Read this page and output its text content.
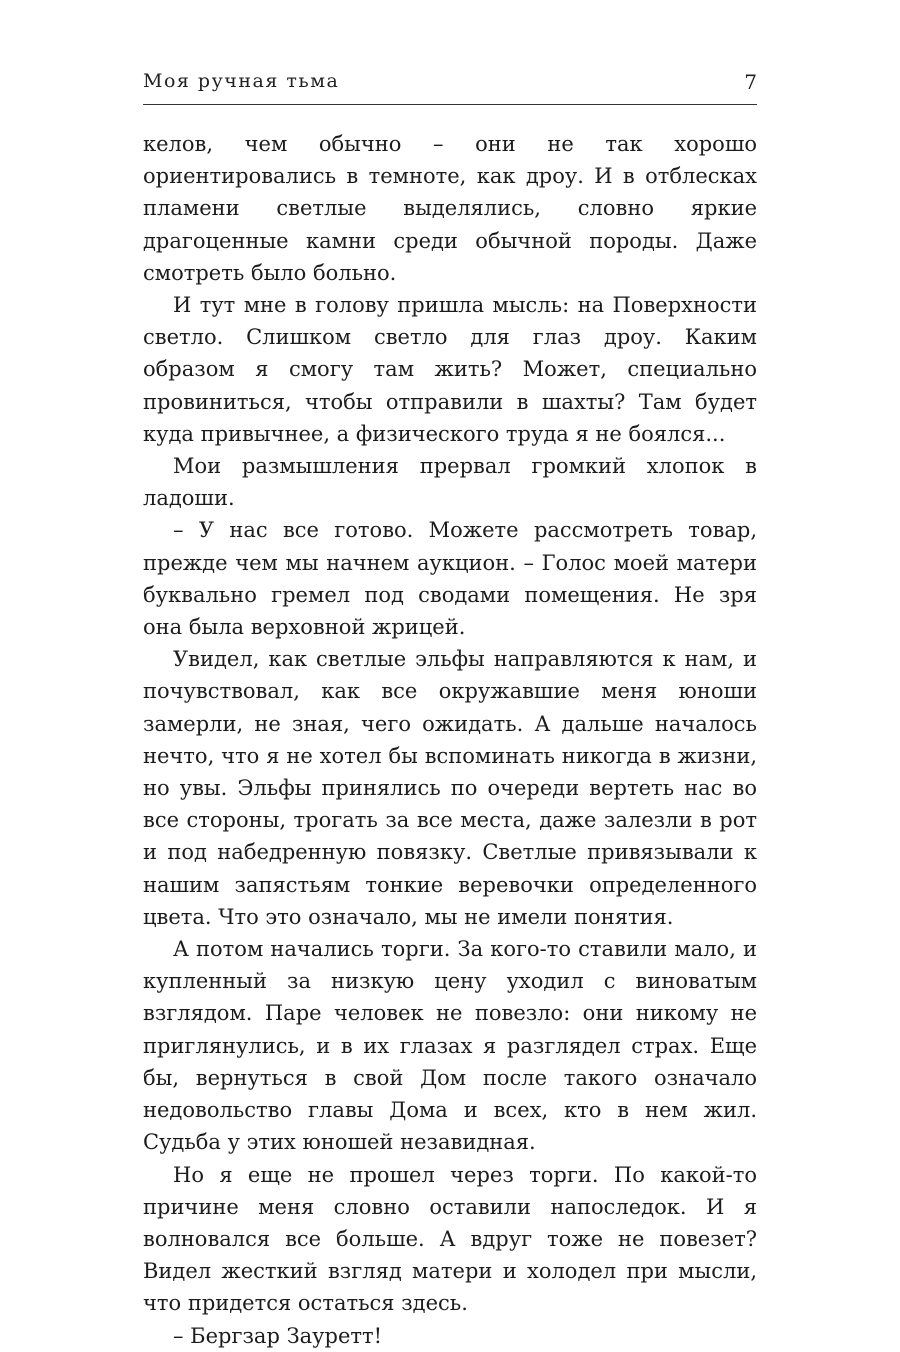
Моя ручная тьма	7

келов, чем обычно – они не так хорошо ориентировались в темноте, как дроу. И в отблесках пламени светлые выделялись, словно яркие драгоценные камни среди обычной породы. Даже смотреть было больно.

И тут мне в голову пришла мысль: на Поверхности светло. Слишком светло для глаз дроу. Каким образом я смогу там жить? Может, специально провиниться, чтобы отправили в шахты? Там будет куда привычнее, а физического труда я не боялся...

Мои размышления прервал громкий хлопок в ладоши.

– У нас все готово. Можете рассмотреть товар, прежде чем мы начнем аукцион. – Голос моей матери буквально гремел под сводами помещения. Не зря она была верховной жрицей.

Увидел, как светлые эльфы направляются к нам, и почувствовал, как все окружавшие меня юноши замерли, не зная, чего ожидать. А дальше началось нечто, что я не хотел бы вспоминать никогда в жизни, но увы. Эльфы принялись по очереди вертеть нас во все стороны, трогать за все места, даже залезли в рот и под набедренную повязку. Светлые привязывали к нашим запястьям тонкие веревочки определенного цвета. Что это означало, мы не имели понятия.

А потом начались торги. За кого-то ставили мало, и купленный за низкую цену уходил с виноватым взглядом. Паре человек не повезло: они никому не приглянулись, и в их глазах я разглядел страх. Еще бы, вернуться в свой Дом после такого означало недовольство главы Дома и всех, кто в нем жил. Судьба у этих юношей незавидная.

Но я еще не прошел через торги. По какой-то причине меня словно оставили напоследок. И я волновался все больше. А вдруг тоже не повезет? Видел жесткий взгляд матери и холодел при мысли, что придется остаться здесь.

– Бергзар Зауретт!
